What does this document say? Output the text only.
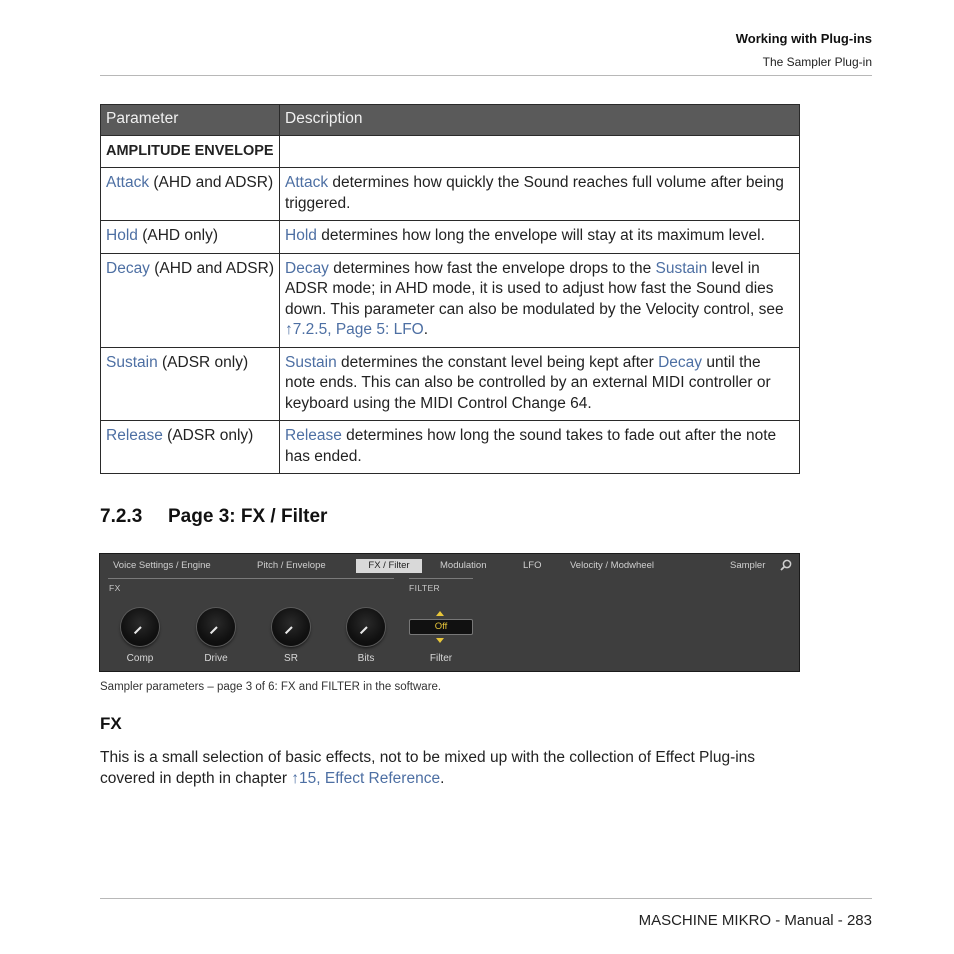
Working with Plug-ins
The Sampler Plug-in
Parameter	Description
AMPLITUDE ENVELOPE	
Attack (AHD and ADSR)	Attack determines how quickly the Sound reaches full volume after being triggered.
Hold (AHD only)	Hold determines how long the envelope will stay at its maximum level.
Decay (AHD and ADSR)	Decay determines how fast the envelope drops to the Sustain level in ADSR mode; in AHD mode, it is used to adjust how fast the Sound dies down. This parameter can also be modulated by the Velocity control, see ↑7.2.5, Page 5: LFO.
Sustain (ADSR only)	Sustain determines the constant level being kept after Decay until the note ends. This can also be controlled by an external MIDI controller or keyboard using the MIDI Control Change 64.
Release (ADSR only)	Release determines how long the sound takes to fade out after the note has ended.
7.2.3 Page 3: FX / Filter
Voice Settings / Engine	Pitch / Envelope	FX / Filter	Modulation	LFO	Velocity / Modwheel	Sampler
FX	FILTER
Comp	Drive	SR	Bits
Off
Filter
Sampler parameters – page 3 of 6: FX and FILTER in the software.
FX
This is a small selection of basic effects, not to be mixed up with the collection of Effect Plug-ins covered in depth in chapter ↑15, Effect Reference.
MASCHINE MIKRO - Manual - 283
